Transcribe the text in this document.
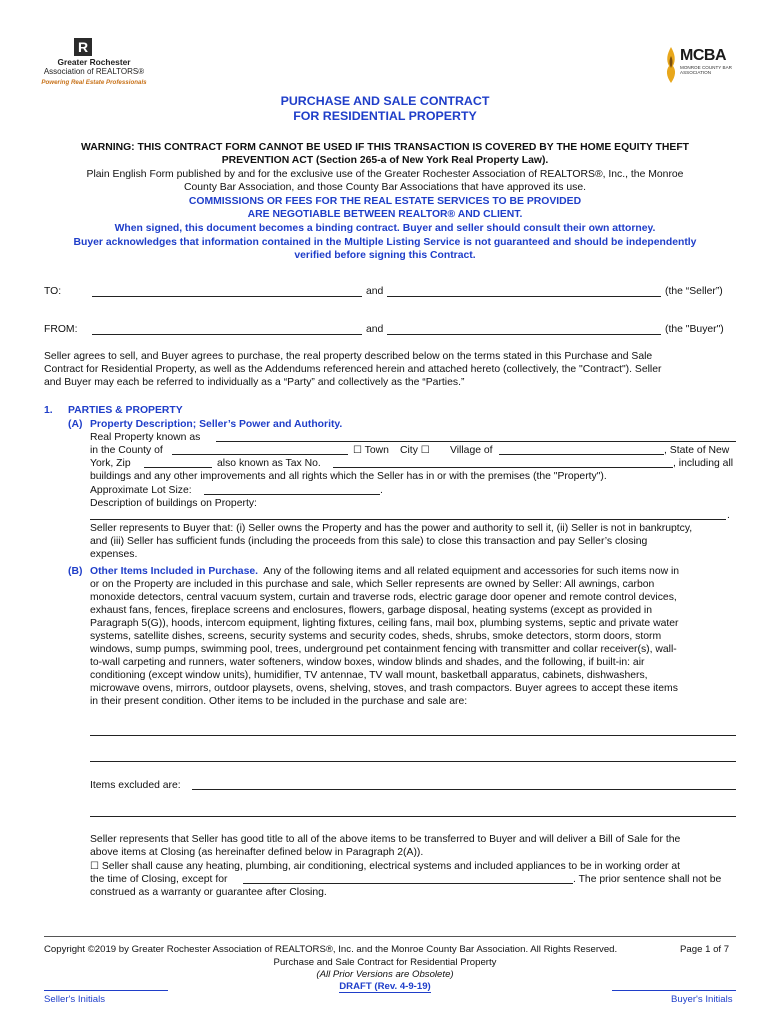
R
Greater Rochester
Association of REALTORS®
Powering Real Estate Professionals
MCBA
MONROE COUNTY BAR ASSOCIATION
PURCHASE AND SALE CONTRACT
FOR RESIDENTIAL PROPERTY
WARNING: THIS CONTRACT FORM CANNOT BE USED IF THIS TRANSACTION IS COVERED BY THE HOME EQUITY THEFT
PREVENTION ACT (Section 265-a of New York Real Property Law).
Plain English Form published by and for the exclusive use of the Greater Rochester Association of REALTORS®, Inc., the Monroe
County Bar Association, and those County Bar Associations that have approved its use.
COMMISSIONS OR FEES FOR THE REAL ESTATE SERVICES TO BE PROVIDED
ARE NEGOTIABLE BETWEEN REALTOR® AND CLIENT.
When signed, this document becomes a binding contract. Buyer and seller should consult their own attorney.
Buyer acknowledges that information contained in the Multiple Listing Service is not guaranteed and should be independently
verified before signing this Contract.
TO:	and	(the “Seller”)
FROM:	and	(the "Buyer")
Seller agrees to sell, and Buyer agrees to purchase, the real property described below on the terms stated in this Purchase and Sale
Contract for Residential Property, as well as the Addendums referenced herein and attached hereto (collectively, the "Contract"). Seller
and Buyer may each be referred to individually as a “Party” and collectively as the “Parties.”
1. PARTIES & PROPERTY
(A) Property Description; Seller’s Power and Authority.
Real Property known as
in the County of	☐ Town City ☐ Village of	, State of New
York, Zip	also known as Tax No.	, including all
buildings and any other improvements and all rights which the Seller has in or with the premises (the "Property").
Approximate Lot Size:	.
Description of buildings on Property:
.
Seller represents to Buyer that: (i) Seller owns the Property and has the power and authority to sell it, (ii) Seller is not in bankruptcy,
and (iii) Seller has sufficient funds (including the proceeds from this sale) to close this transaction and pay Seller’s closing
expenses.
(B) Other Items Included in Purchase. Any of the following items and all related equipment and accessories for such items now in
or on the Property are included in this purchase and sale, which Seller represents are owned by Seller: All awnings, carbon
monoxide detectors, central vacuum system, curtain and traverse rods, electric garage door opener and remote control devices,
exhaust fans, fences, fireplace screens and enclosures, flowers, garbage disposal, heating systems (except as provided in
Paragraph 5(G)), hoods, intercom equipment, lighting fixtures, ceiling fans, mail box, plumbing systems, septic and private water
systems, satellite dishes, screens, security systems and security codes, sheds, shrubs, smoke detectors, storm doors, storm
windows, sump pumps, swimming pool, trees, underground pet containment fencing with transmitter and collar receiver(s), wall-
to-wall carpeting and runners, water softeners, window boxes, window blinds and shades, and the following, if built-in: air
conditioning (except window units), humidifier, TV antennae, TV wall mount, basketball apparatus, cabinets, dishwashers,
microwave ovens, mirrors, outdoor playsets, ovens, shelving, stoves, and trash compactors. Buyer agrees to accept these items
in their present condition. Other items to be included in the purchase and sale are:
Items excluded are:
Seller represents that Seller has good title to all of the above items to be transferred to Buyer and will deliver a Bill of Sale for the
above items at Closing (as hereinafter defined below in Paragraph 2(A)).
☐ Seller shall cause any heating, plumbing, air conditioning, electrical systems and included appliances to be in working order at
the time of Closing, except for	. The prior sentence shall not be
construed as a warranty or guarantee after Closing.
Copyright ©2019 by Greater Rochester Association of REALTORS®, Inc. and the Monroe County Bar Association. All Rights Reserved.	Page 1 of 7
Purchase and Sale Contract for Residential Property
(All Prior Versions are Obsolete)
DRAFT (Rev. 4-9-19)
Seller's Initials	Buyer's Initials
